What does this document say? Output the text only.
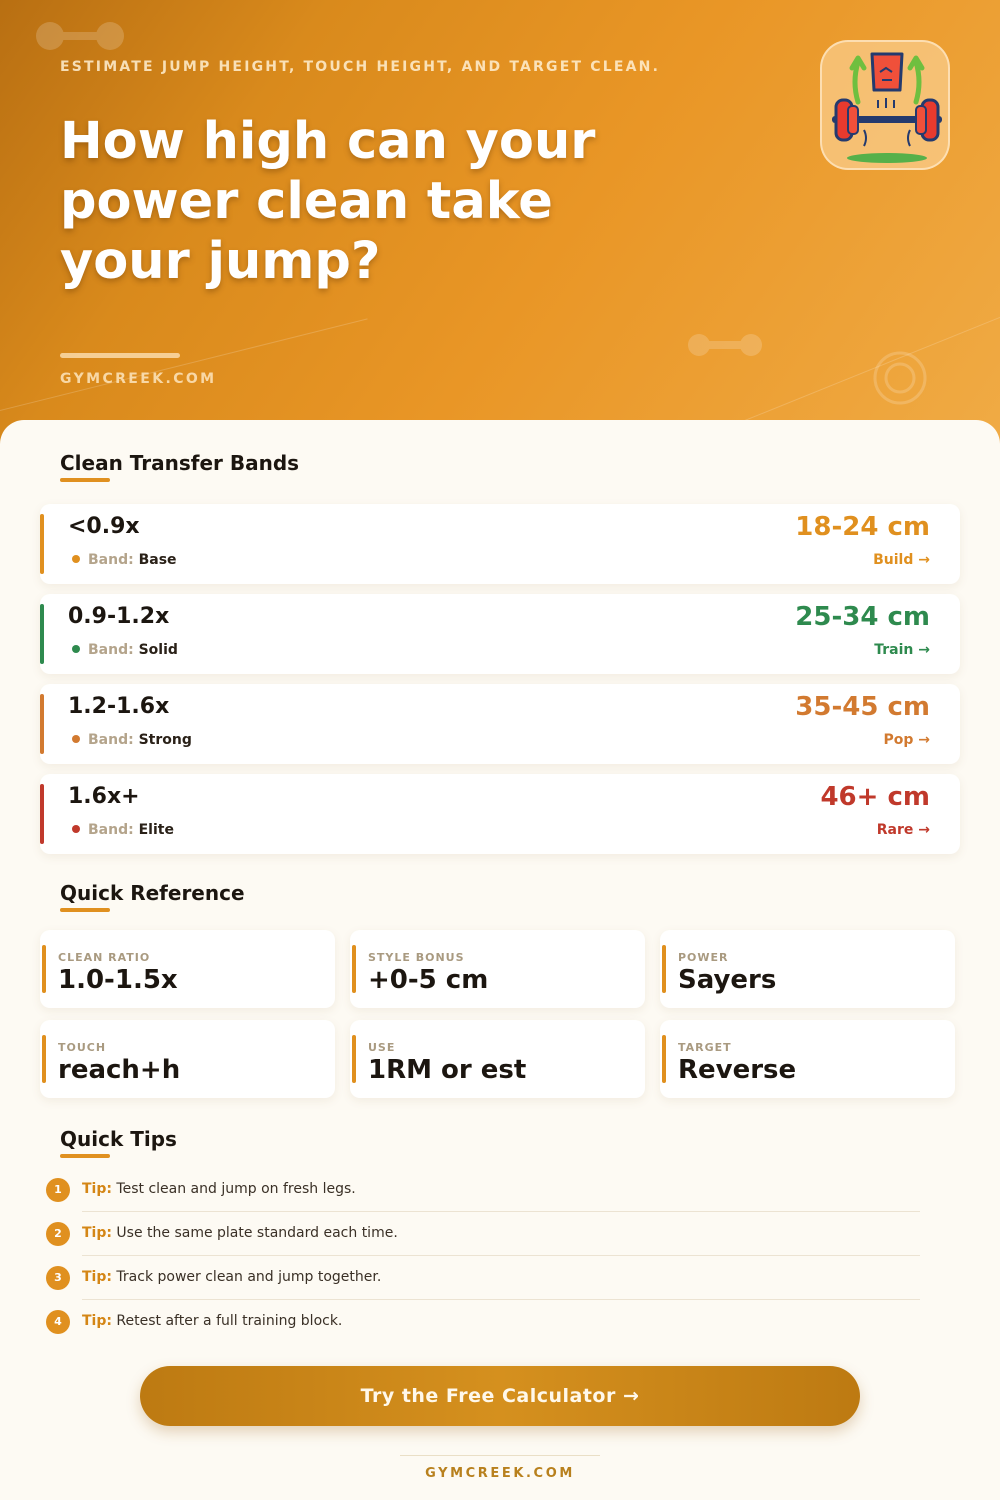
ESTIMATE JUMP HEIGHT, TOUCH HEIGHT, AND TARGET CLEAN.
How high can your power clean take your jump?
GYMCREEK.COM
Clean Transfer Bands
<0.9x
Band: Base
18-24 cm
Build →
0.9-1.2x
Band: Solid
25-34 cm
Train →
1.2-1.6x
Band: Strong
35-45 cm
Pop →
1.6x+
Band: Elite
46+ cm
Rare →
Quick Reference
CLEAN RATIO
1.0-1.5x
STYLE BONUS
+0-5 cm
POWER
Sayers
TOUCH
reach+h
USE
1RM or est
TARGET
Reverse
Quick Tips
1	Tip: Test clean and jump on fresh legs.
2	Tip: Use the same plate standard each time.
3	Tip: Track power clean and jump together.
4	Tip: Retest after a full training block.
Try the Free Calculator →
GYMCREEK.COM
